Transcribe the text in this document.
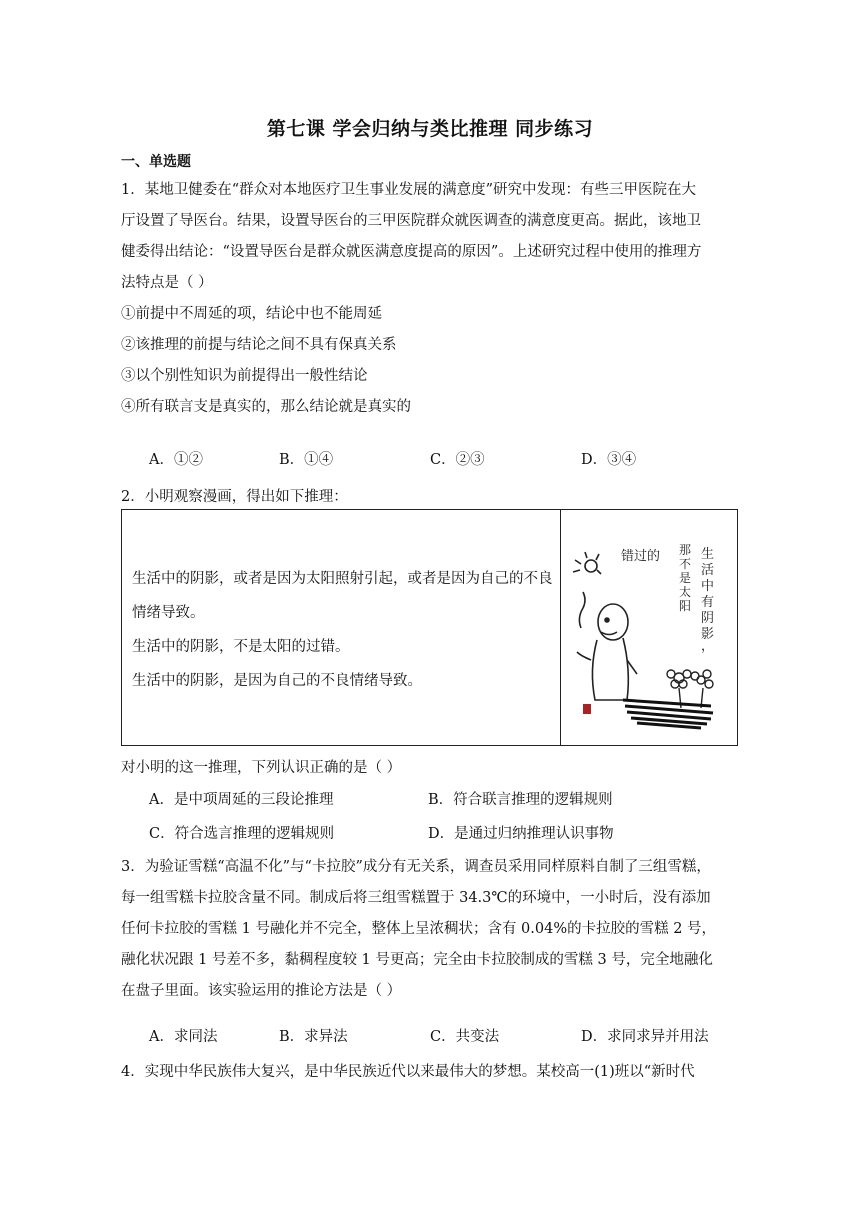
第七课 学会归纳与类比推理 同步练习
一、单选题
1．某地卫健委在“群众对本地医疗卫生事业发展的满意度”研究中发现：有些三甲医院在大
厅设置了导医台。结果，设置导医台的三甲医院群众就医调查的满意度更高。据此，该地卫
健委得出结论：“设置导医台是群众就医满意度提高的原因”。上述研究过程中使用的推理方
法特点是（ ）
①前提中不周延的项，结论中也不能周延
②该推理的前提与结论之间不具有保真关系
③以个别性知识为前提得出一般性结论
④所有联言支是真实的，那么结论就是真实的
A．①②	B．①④	C．②③	D．③④
2．小明观察漫画，得出如下推理：

生活中的阴影，或者是因为太阳照射引起，或者是因为自己的不良情绪导致。

生活中的阴影，不是太阳的过错。

生活中的阴影，是因为自己的不良情绪导致。

错过的 那不是太阳
生活中有阴影，
对小明的这一推理，下列认识正确的是（ ）
A．是中项周延的三段论推理	B．符合联言推理的逻辑规则
C．符合选言推理的逻辑规则	D．是通过归纳推理认识事物
3．为验证雪糕“高温不化”与“卡拉胶”成分有无关系，调查员采用同样原料自制了三组雪糕，
每一组雪糕卡拉胶含量不同。制成后将三组雪糕置于 34.3℃的环境中，一小时后，没有添加
任何卡拉胶的雪糕 1 号融化并不完全，整体上呈浓稠状；含有 0.04%的卡拉胶的雪糕 2 号，
融化状况跟 1 号差不多，黏稠程度较 1 号更高；完全由卡拉胶制成的雪糕 3 号，完全地融化
在盘子里面。该实验运用的推论方法是（ ）
A．求同法	B．求异法	C．共变法	D．求同求异并用法
4．实现中华民族伟大复兴，是中华民族近代以来最伟大的梦想。某校高一(1)班以“新时代
